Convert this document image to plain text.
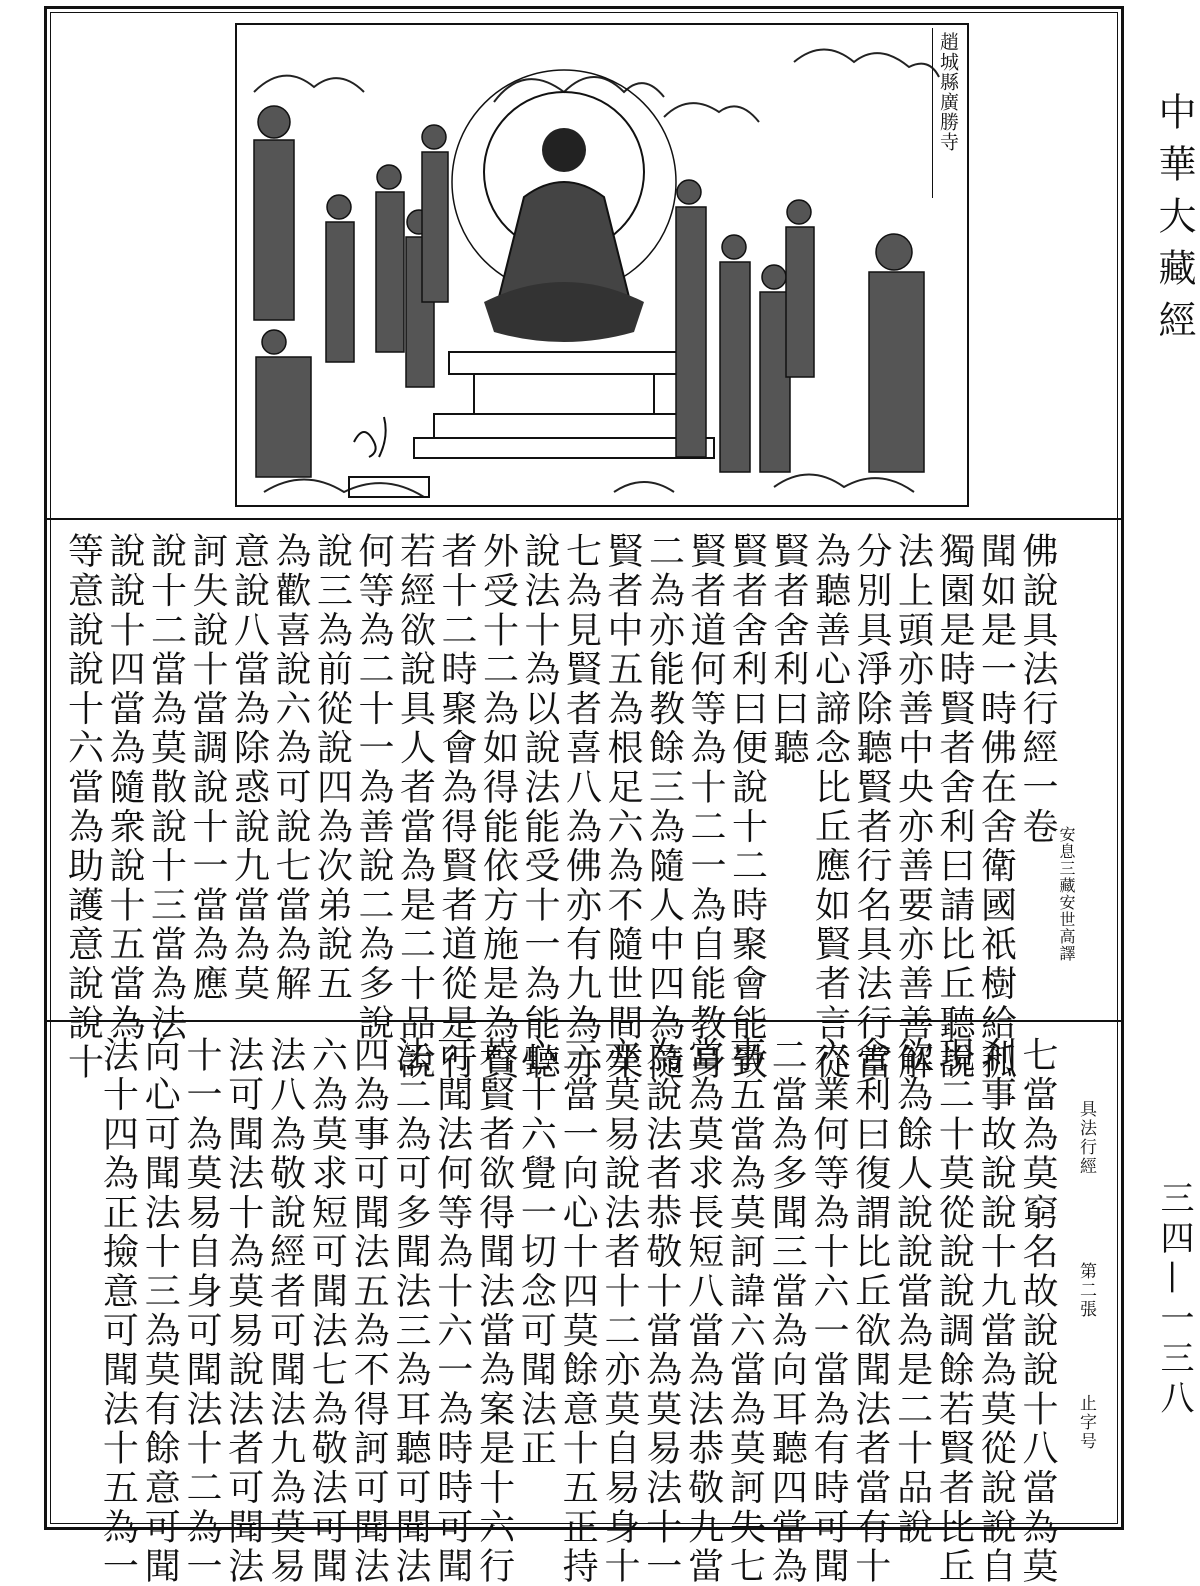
趙城縣廣勝寺
佛說具法行經一卷
聞如是一時佛在舍衛國祇樹給孤
獨園是時賢者舍利曰請比丘聽說
法上頭亦善中央亦善要亦善善解
分別具淨除聽賢者行名具法行當
為聽善心諦念比丘應如賢者言從
賢者舍利曰聽
賢者舍利曰便說十二時聚會能致
賢者道何等為十二一為自能教身
二為亦能教餘三為隨人中四為隨
賢者中五為根足六為不隨世間業
七為見賢者喜八為佛亦有九為亦
說法十為以說法能受十一為能聽
外受十二為如得能依方施是為賢
者十二時聚會為得賢者道從是行
若經欲說具人者當為是二十品說
何等為二十一為善說二為多說
說三為前從說四為次弟說五
為歡喜說六為可說七當為解
意說八當為除惑說九當為莫
訶失說十當調說十一當為應
說十二當為莫散說十三當為法
說說十四當為隨衆說十五當為
等意說說十六當為助護意說說十	安息三藏安世高譯
七當為莫窮名故說說十八當為莫
剎事故說說十九當為莫從說說自
現二十莫從說說調餘若賢者比丘
欲為餘人說說當為是二十品說
舍利曰復謂比丘欲聞法者當有十
六業何等為十六一當為有時可聞
二當為多聞三當為向耳聽四當為
事五當為莫訶諱六當為莫訶失七
當為莫求長短八當為法恭敬九當
為說法者恭敬十當為莫易法十一
亦莫易說法者十二亦莫自易身十
三當一向心十四莫餘意十五正持
心十六覺一切念可聞法正
若賢者欲得聞法當為案是十六行
可聞法何等為十六一為時時可聞
法二為可多聞法三為耳聽可聞法
四為事可聞法五為不得訶可聞法
六為莫求短可聞法七為敬法可聞
法八為敬說經者可聞法九為莫易
法可聞法十為莫易說法者可聞法
十一為莫易自身可聞法十二為一
向心可聞法十三為莫有餘意可聞
法十四為正撿意可聞法十五為一	具法行經
第二張
止字号
中華大藏經
三四—一三八
